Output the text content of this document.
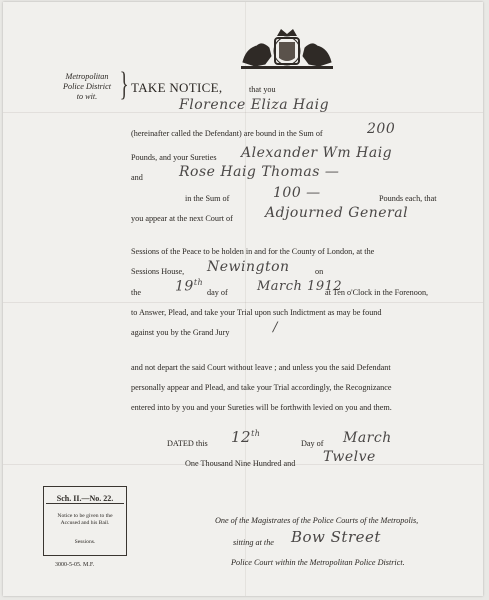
DIEU ET MON DROIT
Metropolitan
Police District
to wit. } TAKE NOTICE,	that you
Florence Eliza Haig
(hereinafter called the Defendant) are bound in the Sum of	200
Pounds, and your Sureties Alexander Wm Haig
and	Rose Haig Thomas —
in the Sum of	100 —	Pounds each, that
you appear at the next Court of Adjourned General
Sessions of the Peace to be holden in and for the County of London, at the
Sessions House, Newington	on
the 19th
day of March 1912
at Ten o'Clock in the Forenoon,
to Answer, Plead, and take your Trial upon such Indictment as may be found
against you by the Grand Jury	/
and not depart the said Court without leave ; and unless you the said Defendant
personally appear and Plead, and take your Trial accordingly, the Recognizance
entered into by you and your Sureties will be forthwith levied on you and them.
DATED this 12th
Day of March
One Thousand Nine Hundred and Twelve
Sch. II.—No. 22.
Notice to be given to the
Accused and his Bail.
Sessions.
3000-5-05. M.F.
One of the Magistrates of the Police Courts of the Metropolis,
sitting at the Bow Street
Police Court within the Metropolitan Police District.
